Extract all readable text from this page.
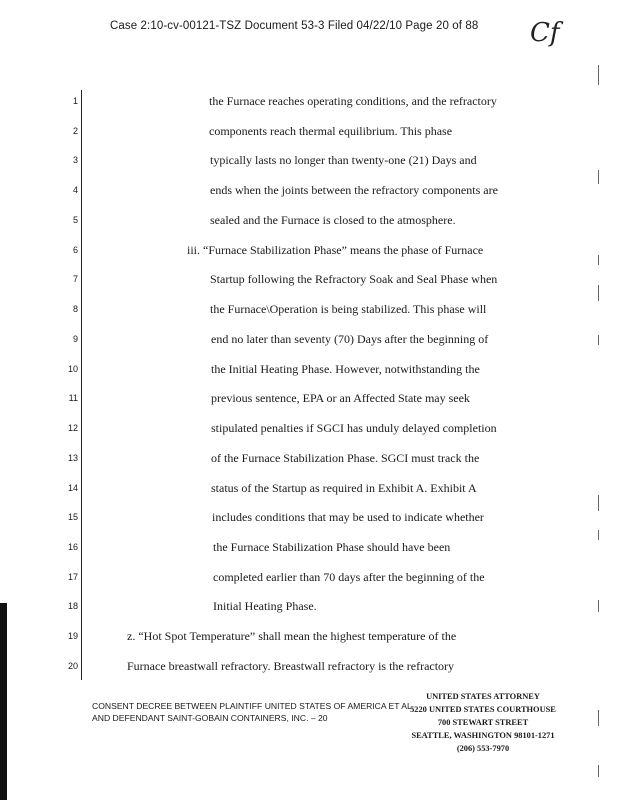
Case 2:10-cv-00121-TSZ Document 53-3 Filed 04/22/10 Page 20 of 88 Cf
1
2
3
4
5
6
7
8
9
10
11
12
13
14
15
16
17
18
19
20
the Furnace reaches operating conditions, and the refractory
components reach thermal equilibrium. This phase
typically lasts no longer than twenty-one (21) Days and
ends when the joints between the refractory components are
sealed and the Furnace is closed to the atmosphere.
iii. “Furnace Stabilization Phase” means the phase of Furnace
Startup following the Refractory Soak and Seal Phase when
the Furnace\Operation is being stabilized. This phase will
end no later than seventy (70) Days after the beginning of
the Initial Heating Phase. However, notwithstanding the
previous sentence, EPA or an Affected State may seek
stipulated penalties if SGCI has unduly delayed completion
of the Furnace Stabilization Phase. SGCI must track the
status of the Startup as required in Exhibit A. Exhibit A
includes conditions that may be used to indicate whether
the Furnace Stabilization Phase should have been
completed earlier than 70 days after the beginning of the
Initial Heating Phase.
z. “Hot Spot Temperature” shall mean the highest temperature of the
Furnace breastwall refractory. Breastwall refractory is the refractory
CONSENT DECREE BETWEEN PLAINTIFF UNITED STATES OF AMERICA ET AL.
AND DEFENDANT SAINT-GOBAIN CONTAINERS, INC. – 20
UNITED STATES ATTORNEY
5220 UNITED STATES COURTHOUSE
700 STEWART STREET
SEATTLE, WASHINGTON 98101-1271
(206) 553-7970
